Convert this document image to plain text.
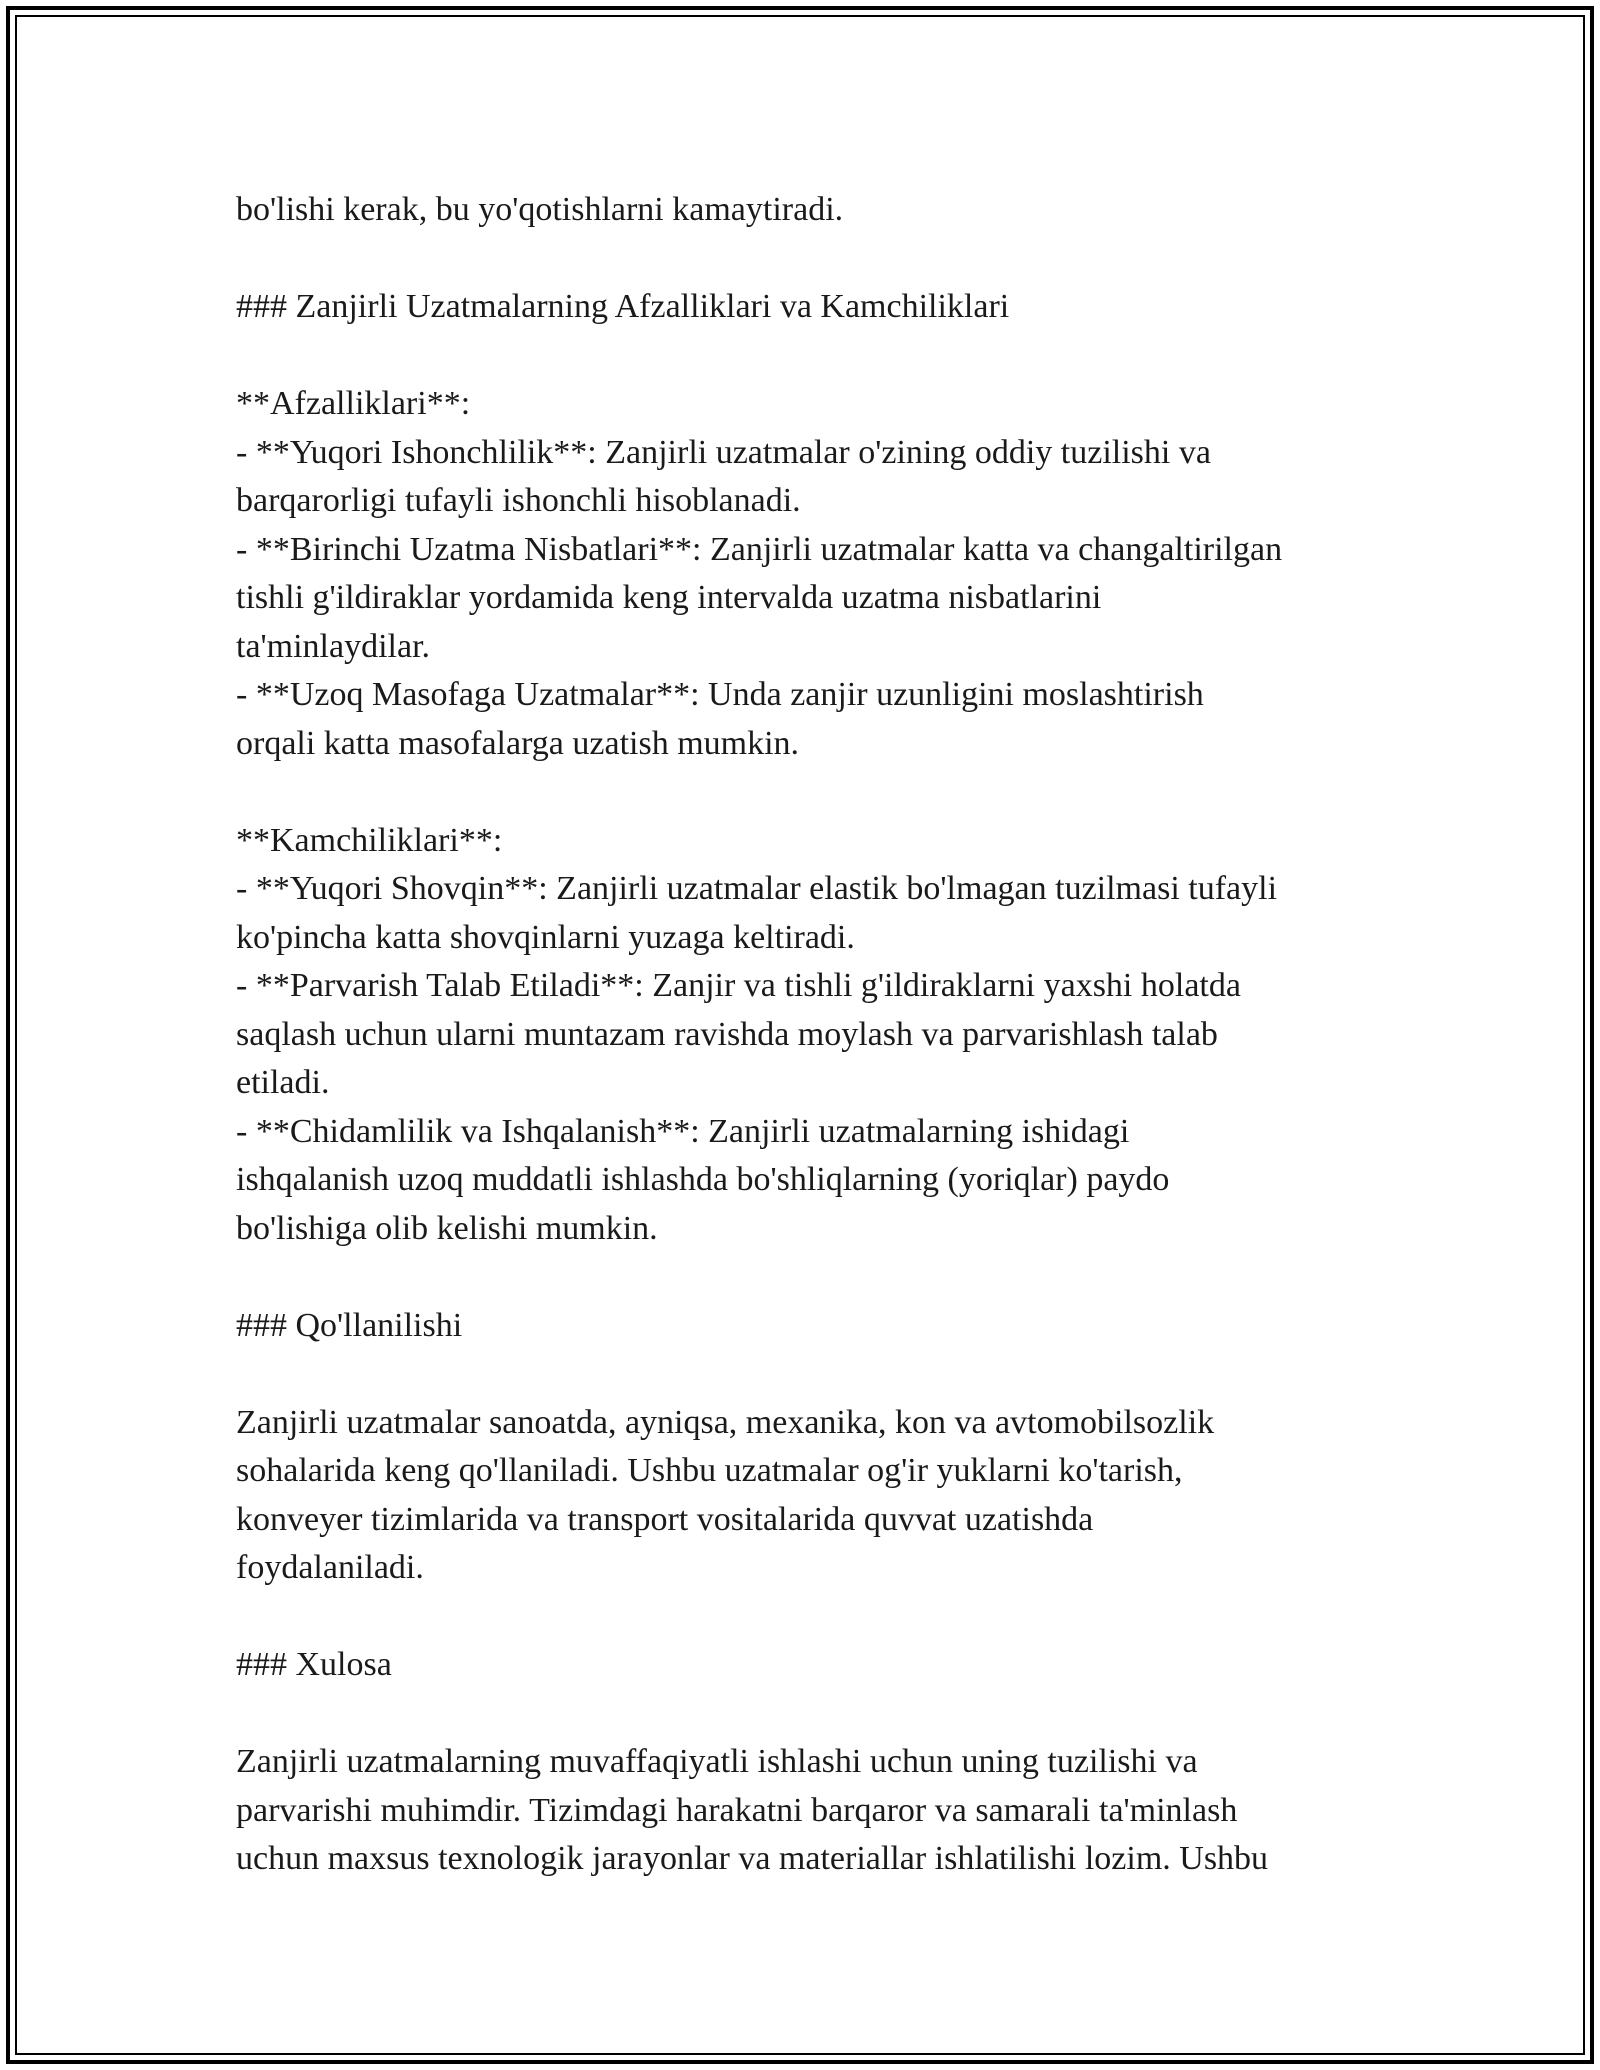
bo'lishi kerak, bu yo'qotishlarni kamaytiradi.
### Zanjirli Uzatmalarning Afzalliklari va Kamchiliklari
**Afzalliklari**:
- **Yuqori Ishonchlilik**: Zanjirli uzatmalar o'zining oddiy tuzilishi va
barqarorligi tufayli ishonchli hisoblanadi.
- **Birinchi Uzatma Nisbatlari**: Zanjirli uzatmalar katta va changaltirilgan
tishli g'ildiraklar yordamida keng intervalda uzatma nisbatlarini
ta'minlaydilar.
- **Uzoq Masofaga Uzatmalar**: Unda zanjir uzunligini moslashtirish
orqali katta masofalarga uzatish mumkin.
**Kamchiliklari**:
- **Yuqori Shovqin**: Zanjirli uzatmalar elastik bo'lmagan tuzilmasi tufayli
ko'pincha katta shovqinlarni yuzaga keltiradi.
- **Parvarish Talab Etiladi**: Zanjir va tishli g'ildiraklarni yaxshi holatda
saqlash uchun ularni muntazam ravishda moylash va parvarishlash talab
etiladi.
- **Chidamlilik va Ishqalanish**: Zanjirli uzatmalarning ishidagi
ishqalanish uzoq muddatli ishlashda bo'shliqlarning (yoriqlar) paydo
bo'lishiga olib kelishi mumkin.
### Qo'llanilishi
Zanjirli uzatmalar sanoatda, ayniqsa, mexanika, kon va avtomobilsozlik
sohalarida keng qo'llaniladi. Ushbu uzatmalar og'ir yuklarni ko'tarish,
konveyer tizimlarida va transport vositalarida quvvat uzatishda
foydalaniladi.
### Xulosa
Zanjirli uzatmalarning muvaffaqiyatli ishlashi uchun uning tuzilishi va
parvarishi muhimdir. Tizimdagi harakatni barqaror va samarali ta'minlash
uchun maxsus texnologik jarayonlar va materiallar ishlatilishi lozim. Ushbu
